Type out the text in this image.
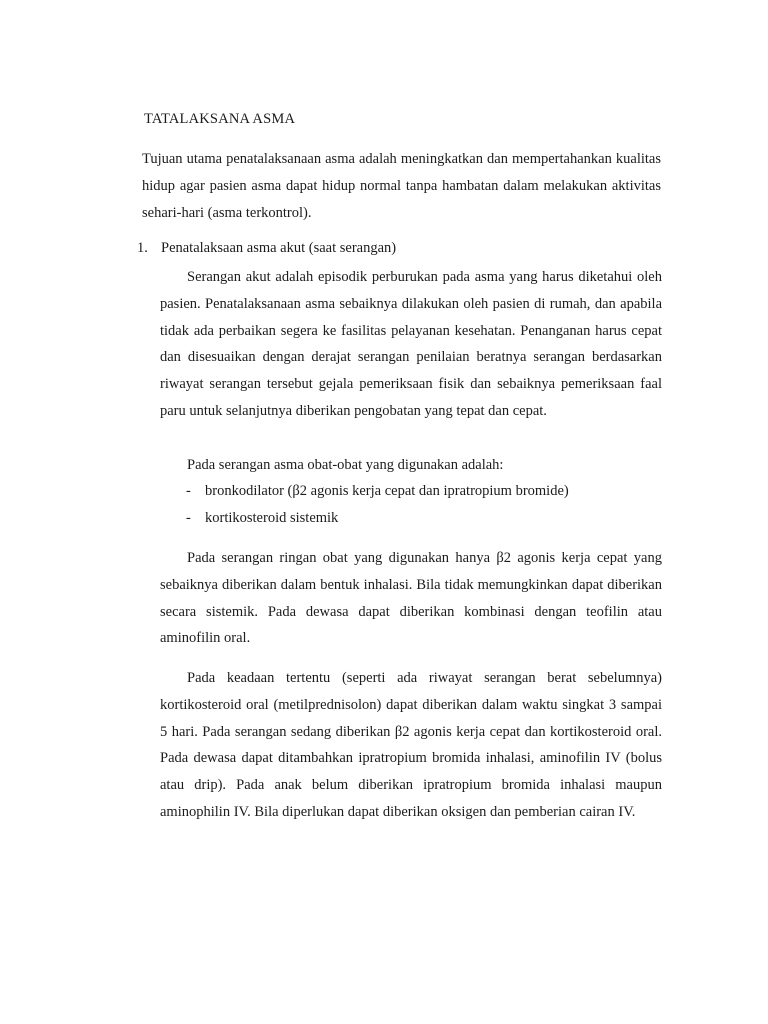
TATALAKSANA ASMA

Tujuan utama penatalaksanaan asma adalah meningkatkan dan mempertahankan kualitas hidup agar pasien asma dapat hidup normal tanpa hambatan dalam melakukan aktivitas sehari-hari (asma terkontrol).

1. Penatalaksaan asma akut (saat serangan)

Serangan akut adalah episodik perburukan pada asma yang harus diketahui oleh pasien. Penatalaksanaan asma sebaiknya dilakukan oleh pasien di rumah, dan apabila tidak ada perbaikan segera ke fasilitas pelayanan kesehatan. Penanganan harus cepat dan disesuaikan dengan derajat serangan penilaian beratnya serangan berdasarkan riwayat serangan tersebut gejala pemeriksaan fisik dan sebaiknya pemeriksaan faal paru untuk selanjutnya diberikan pengobatan yang tepat dan cepat.

Pada serangan asma obat-obat yang digunakan adalah:

- bronkodilator (β2 agonis kerja cepat dan ipratropium bromide)
- kortikosteroid sistemik

Pada serangan ringan obat yang digunakan hanya β2 agonis kerja cepat yang sebaiknya diberikan dalam bentuk inhalasi. Bila tidak memungkinkan dapat diberikan secara sistemik. Pada dewasa dapat diberikan kombinasi dengan teofilin atau aminofilin oral.

Pada keadaan tertentu (seperti ada riwayat serangan berat sebelumnya) kortikosteroid oral (metilprednisolon) dapat diberikan dalam waktu singkat 3 sampai 5 hari. Pada serangan sedang diberikan β2 agonis kerja cepat dan kortikosteroid oral. Pada dewasa dapat ditambahkan ipratropium bromida inhalasi, aminofilin IV (bolus atau drip). Pada anak belum diberikan ipratropium bromida inhalasi maupun aminophilin IV. Bila diperlukan dapat diberikan oksigen dan pemberian cairan IV.
